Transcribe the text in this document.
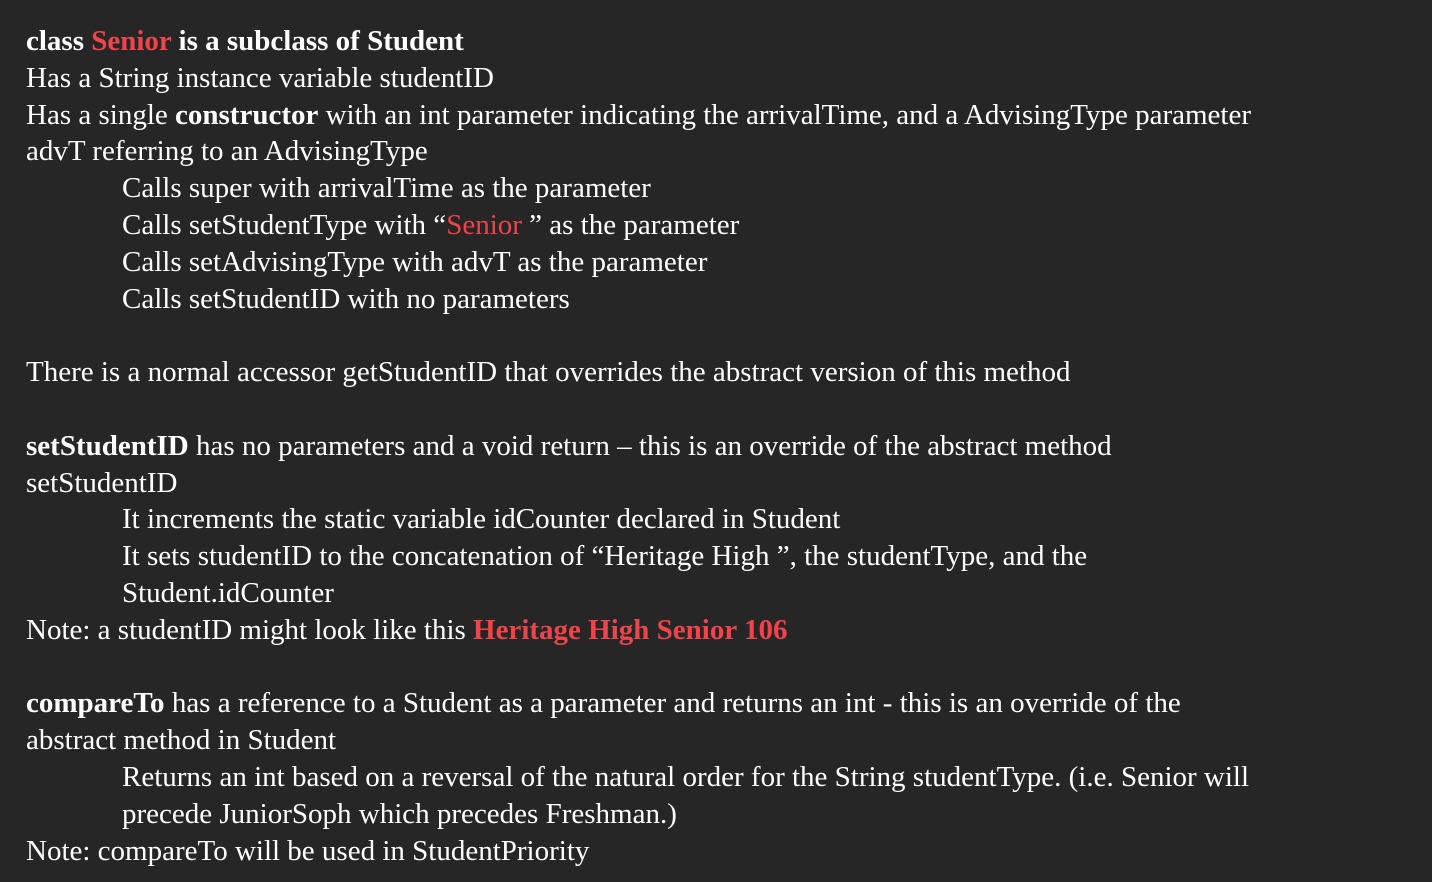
class Senior is a subclass of Student
Has a String instance variable studentID
Has a single constructor with an int parameter indicating the arrivalTime, and a AdvisingType parameter
advT referring to an AdvisingType
Calls super with arrivalTime as the parameter
Calls setStudentType with “Senior ” as the parameter
Calls setAdvisingType with advT as the parameter
Calls setStudentID with no parameters
There is a normal accessor getStudentID that overrides the abstract version of this method
setStudentID has no parameters and a void return – this is an override of the abstract method
setStudentID
It increments the static variable idCounter declared in Student
It sets studentID to the concatenation of “Heritage High ”, the studentType, and the
Student.idCounter
Note: a studentID might look like this Heritage High Senior 106
compareTo has a reference to a Student as a parameter and returns an int - this is an override of the
abstract method in Student
Returns an int based on a reversal of the natural order for the String studentType. (i.e. Senior will
precede JuniorSoph which precedes Freshman.)
Note: compareTo will be used in StudentPriority
